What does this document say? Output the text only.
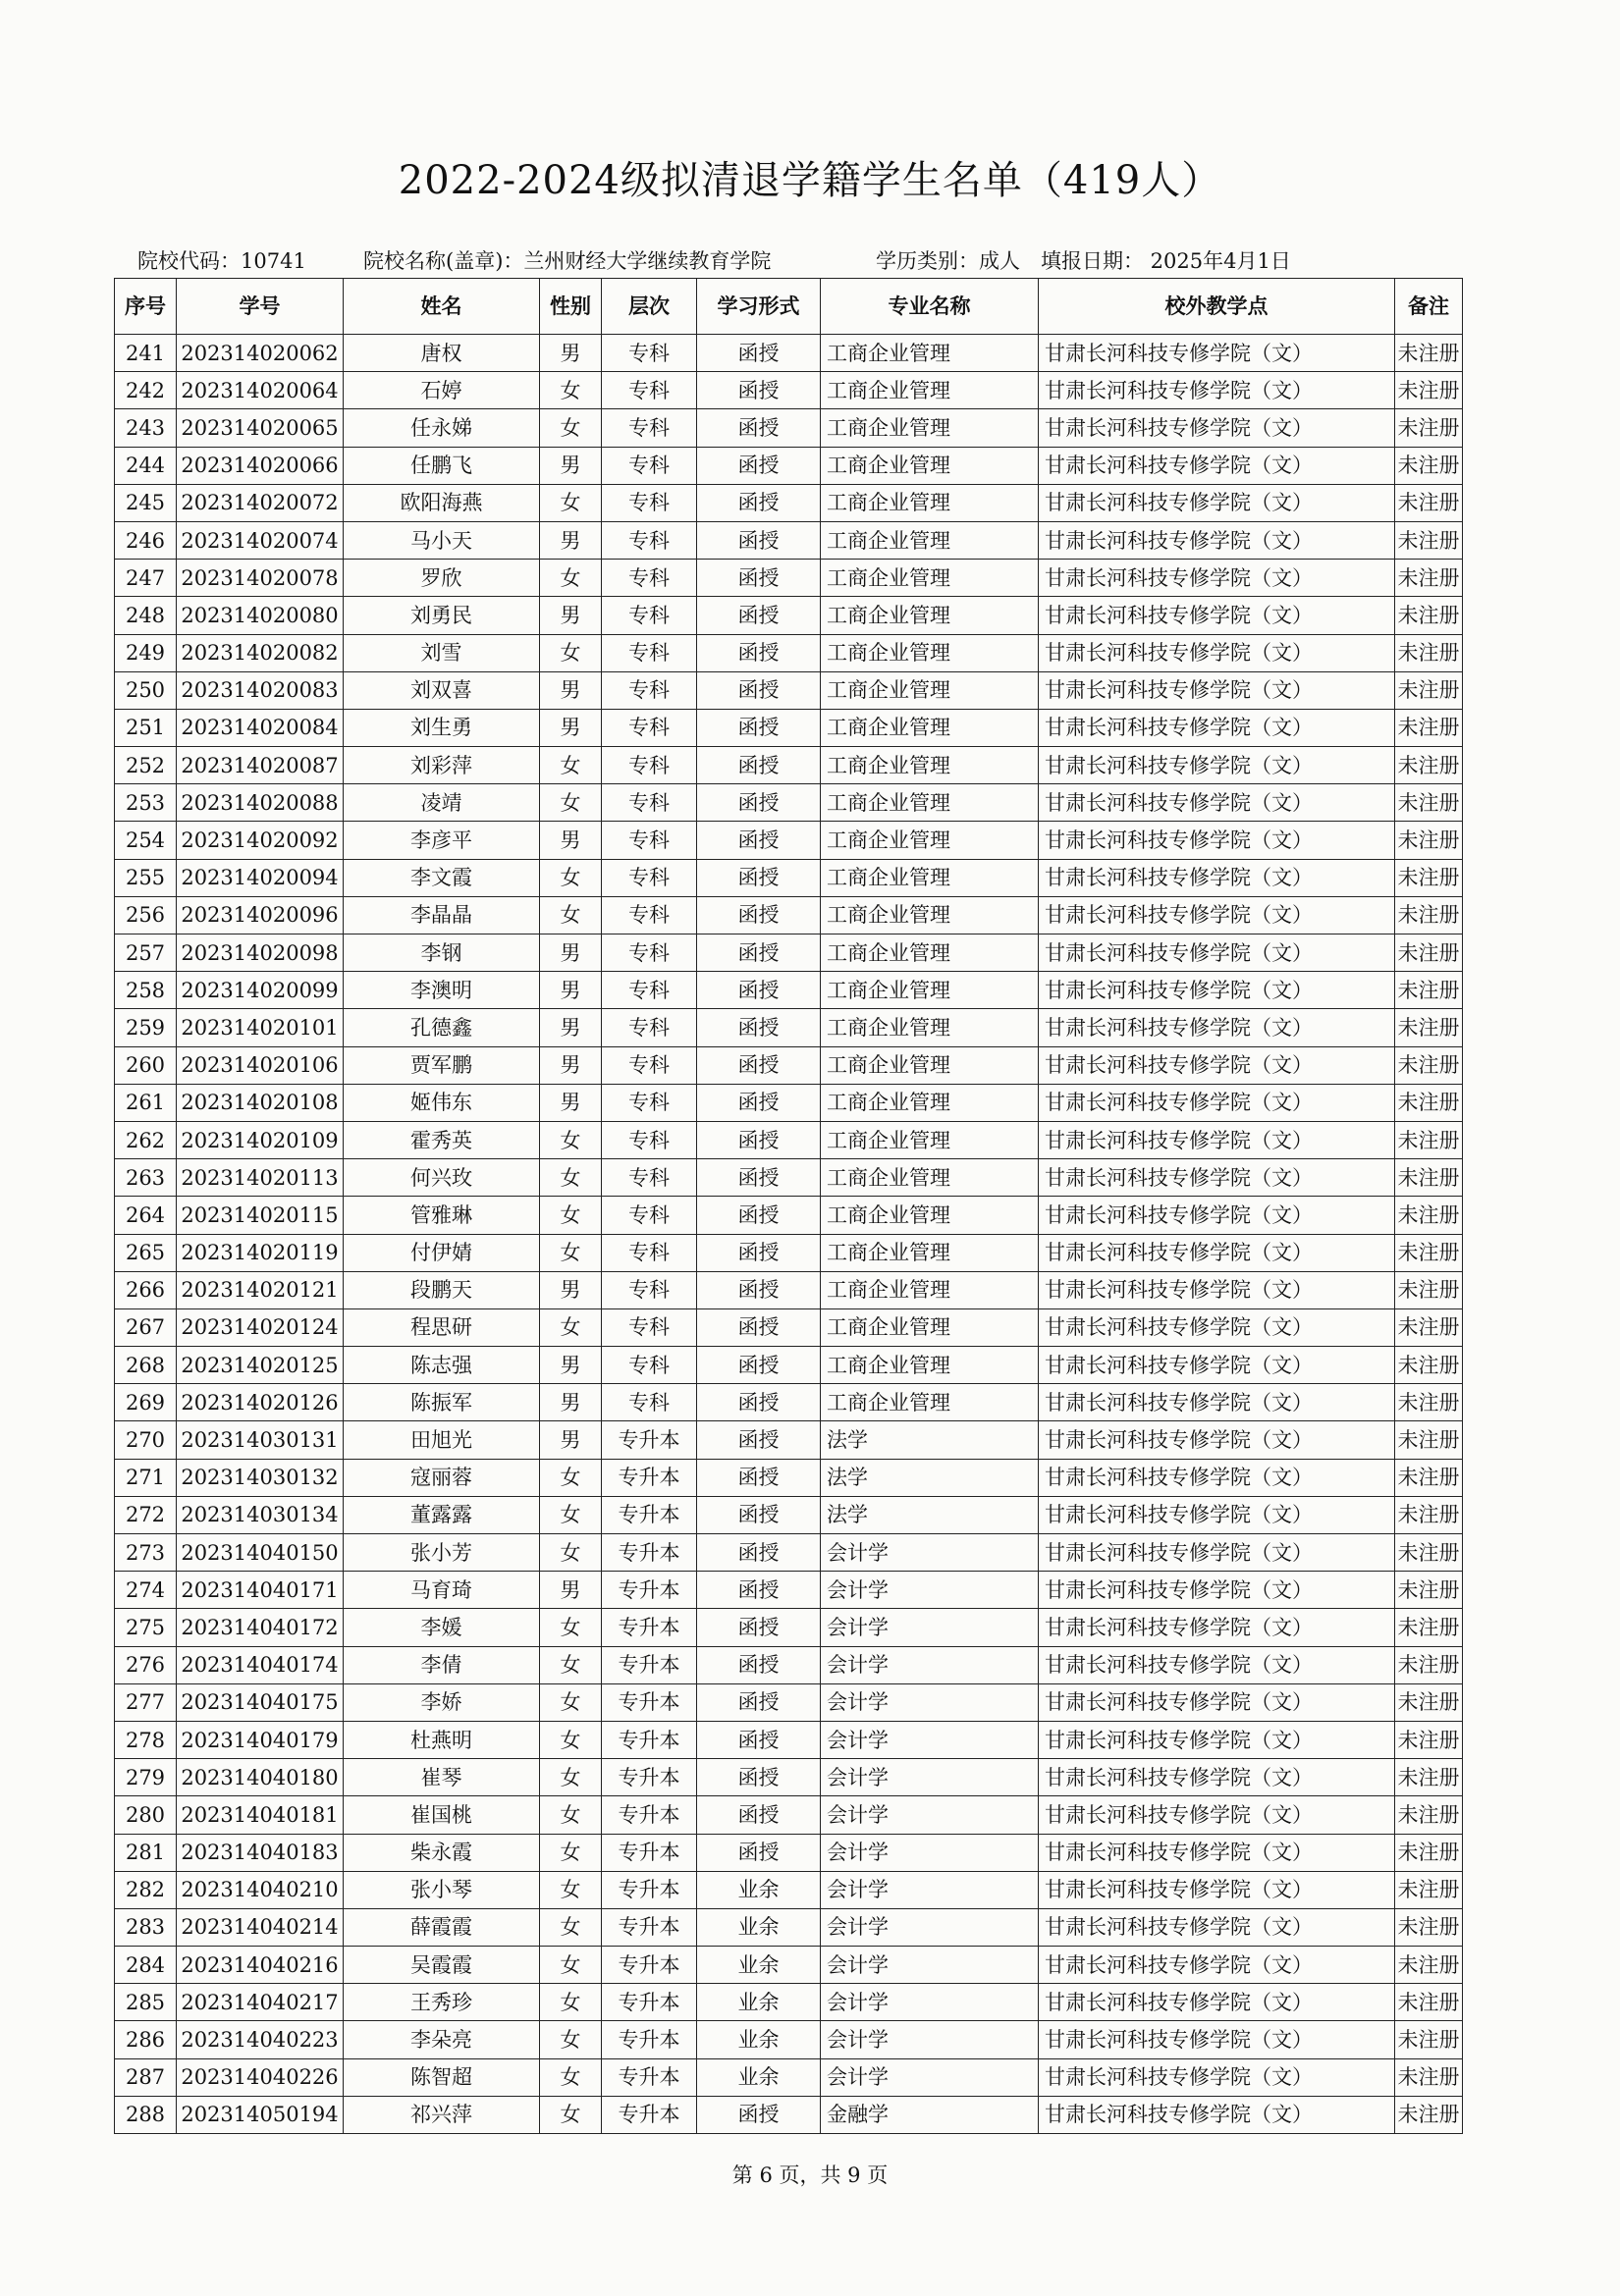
2022-2024级拟清退学籍学生名单（419人）
院校代码：10741	院校名称(盖章)：兰州财经大学继续教育学院	学历类别：成人 填报日期： 2025年4月1日
序号	学号	姓名	性别	层次	学习形式	专业名称	校外教学点	备注
241	202314020062	唐权	男	专科	函授	工商企业管理	甘肃长河科技专修学院（文）	未注册
242	202314020064	石婷	女	专科	函授	工商企业管理	甘肃长河科技专修学院（文）	未注册
243	202314020065	任永娣	女	专科	函授	工商企业管理	甘肃长河科技专修学院（文）	未注册
244	202314020066	任鹏飞	男	专科	函授	工商企业管理	甘肃长河科技专修学院（文）	未注册
245	202314020072	欧阳海燕	女	专科	函授	工商企业管理	甘肃长河科技专修学院（文）	未注册
246	202314020074	马小天	男	专科	函授	工商企业管理	甘肃长河科技专修学院（文）	未注册
247	202314020078	罗欣	女	专科	函授	工商企业管理	甘肃长河科技专修学院（文）	未注册
248	202314020080	刘勇民	男	专科	函授	工商企业管理	甘肃长河科技专修学院（文）	未注册
249	202314020082	刘雪	女	专科	函授	工商企业管理	甘肃长河科技专修学院（文）	未注册
250	202314020083	刘双喜	男	专科	函授	工商企业管理	甘肃长河科技专修学院（文）	未注册
251	202314020084	刘生勇	男	专科	函授	工商企业管理	甘肃长河科技专修学院（文）	未注册
252	202314020087	刘彩萍	女	专科	函授	工商企业管理	甘肃长河科技专修学院（文）	未注册
253	202314020088	凌靖	女	专科	函授	工商企业管理	甘肃长河科技专修学院（文）	未注册
254	202314020092	李彦平	男	专科	函授	工商企业管理	甘肃长河科技专修学院（文）	未注册
255	202314020094	李文霞	女	专科	函授	工商企业管理	甘肃长河科技专修学院（文）	未注册
256	202314020096	李晶晶	女	专科	函授	工商企业管理	甘肃长河科技专修学院（文）	未注册
257	202314020098	李钢	男	专科	函授	工商企业管理	甘肃长河科技专修学院（文）	未注册
258	202314020099	李澳明	男	专科	函授	工商企业管理	甘肃长河科技专修学院（文）	未注册
259	202314020101	孔德鑫	男	专科	函授	工商企业管理	甘肃长河科技专修学院（文）	未注册
260	202314020106	贾军鹏	男	专科	函授	工商企业管理	甘肃长河科技专修学院（文）	未注册
261	202314020108	姬伟东	男	专科	函授	工商企业管理	甘肃长河科技专修学院（文）	未注册
262	202314020109	霍秀英	女	专科	函授	工商企业管理	甘肃长河科技专修学院（文）	未注册
263	202314020113	何兴玫	女	专科	函授	工商企业管理	甘肃长河科技专修学院（文）	未注册
264	202314020115	管雅琳	女	专科	函授	工商企业管理	甘肃长河科技专修学院（文）	未注册
265	202314020119	付伊婧	女	专科	函授	工商企业管理	甘肃长河科技专修学院（文）	未注册
266	202314020121	段鹏天	男	专科	函授	工商企业管理	甘肃长河科技专修学院（文）	未注册
267	202314020124	程思研	女	专科	函授	工商企业管理	甘肃长河科技专修学院（文）	未注册
268	202314020125	陈志强	男	专科	函授	工商企业管理	甘肃长河科技专修学院（文）	未注册
269	202314020126	陈振军	男	专科	函授	工商企业管理	甘肃长河科技专修学院（文）	未注册
270	202314030131	田旭光	男	专升本	函授	法学	甘肃长河科技专修学院（文）	未注册
271	202314030132	寇丽蓉	女	专升本	函授	法学	甘肃长河科技专修学院（文）	未注册
272	202314030134	董露露	女	专升本	函授	法学	甘肃长河科技专修学院（文）	未注册
273	202314040150	张小芳	女	专升本	函授	会计学	甘肃长河科技专修学院（文）	未注册
274	202314040171	马育琦	男	专升本	函授	会计学	甘肃长河科技专修学院（文）	未注册
275	202314040172	李媛	女	专升本	函授	会计学	甘肃长河科技专修学院（文）	未注册
276	202314040174	李倩	女	专升本	函授	会计学	甘肃长河科技专修学院（文）	未注册
277	202314040175	李娇	女	专升本	函授	会计学	甘肃长河科技专修学院（文）	未注册
278	202314040179	杜燕明	女	专升本	函授	会计学	甘肃长河科技专修学院（文）	未注册
279	202314040180	崔琴	女	专升本	函授	会计学	甘肃长河科技专修学院（文）	未注册
280	202314040181	崔国桃	女	专升本	函授	会计学	甘肃长河科技专修学院（文）	未注册
281	202314040183	柴永霞	女	专升本	函授	会计学	甘肃长河科技专修学院（文）	未注册
282	202314040210	张小琴	女	专升本	业余	会计学	甘肃长河科技专修学院（文）	未注册
283	202314040214	薛霞霞	女	专升本	业余	会计学	甘肃长河科技专修学院（文）	未注册
284	202314040216	吴霞霞	女	专升本	业余	会计学	甘肃长河科技专修学院（文）	未注册
285	202314040217	王秀珍	女	专升本	业余	会计学	甘肃长河科技专修学院（文）	未注册
286	202314040223	李朵亮	女	专升本	业余	会计学	甘肃长河科技专修学院（文）	未注册
287	202314040226	陈智超	女	专升本	业余	会计学	甘肃长河科技专修学院（文）	未注册
288	202314050194	祁兴萍	女	专升本	函授	金融学	甘肃长河科技专修学院（文）	未注册
第 6 页，共 9 页
